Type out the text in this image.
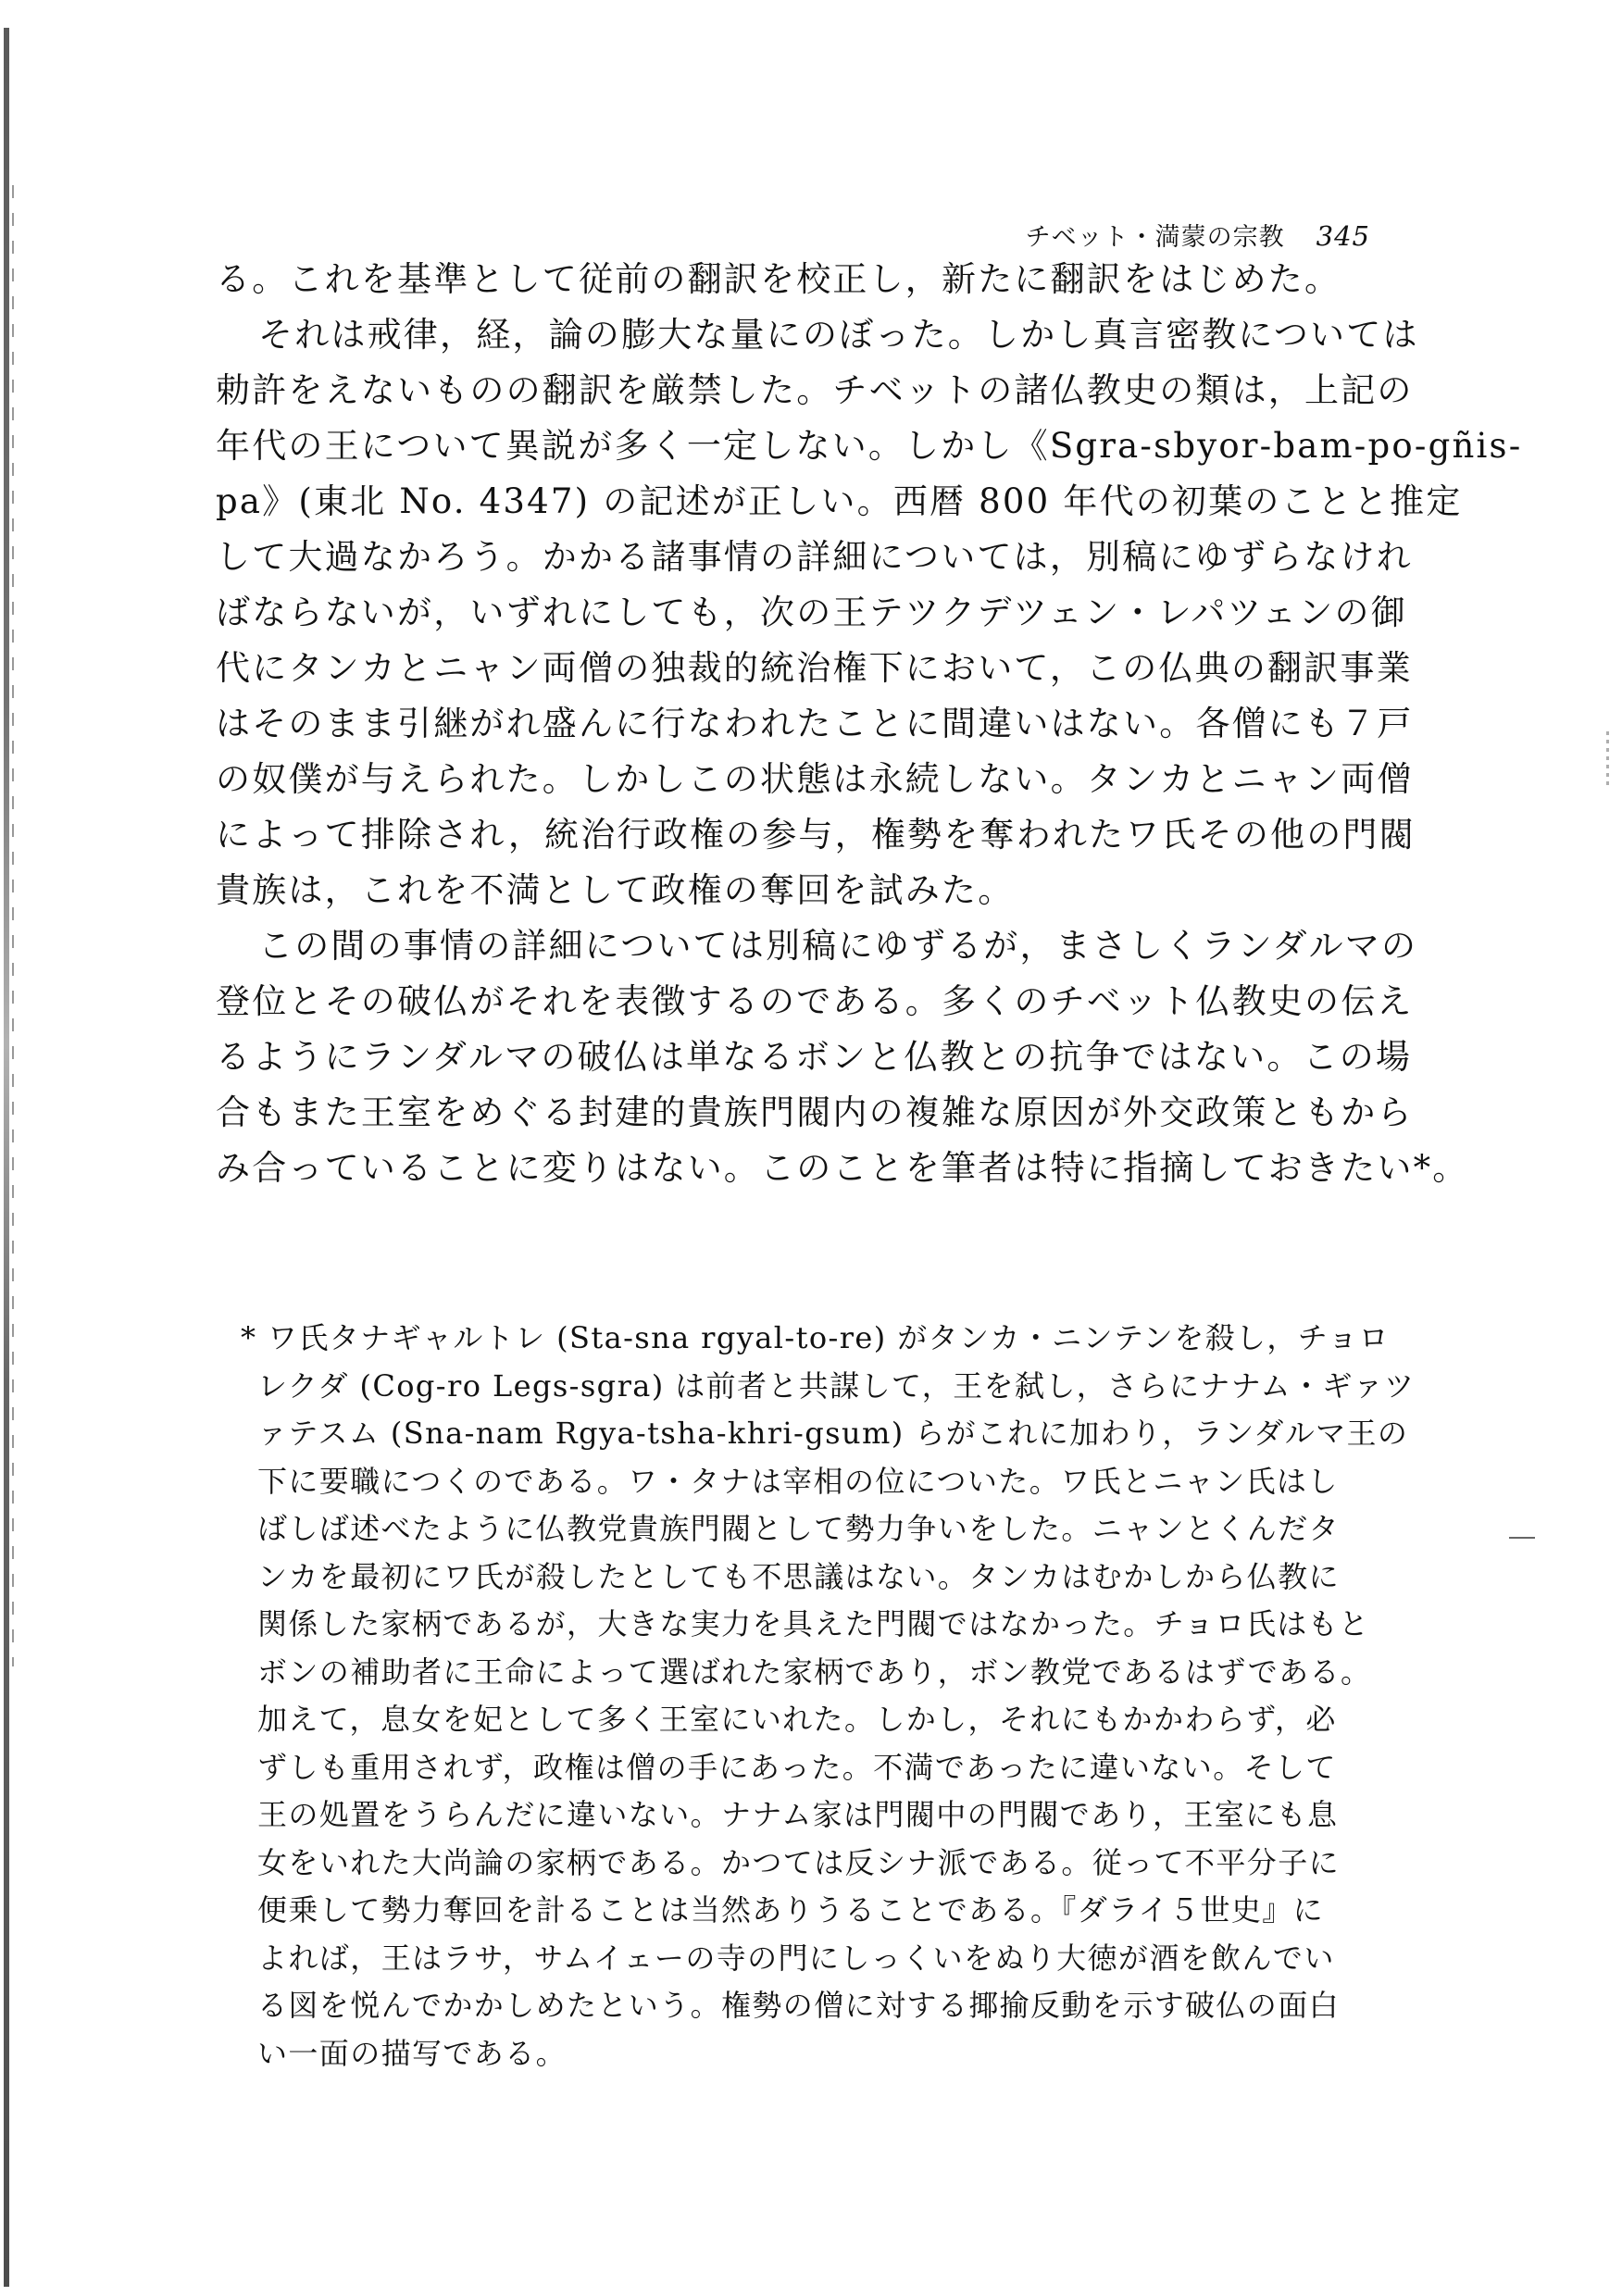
チベット・満蒙の宗教 345
る。これを基準として従前の翻訳を校正し，新たに翻訳をはじめた。
それは戒律，経，論の膨大な量にのぼった。しかし真言密教については
勅許をえないものの翻訳を厳禁した。チベットの諸仏教史の類は，上記の
年代の王について異説が多く一定しない。しかし《Sgra-sbyor-bam-po-gñis-
pa》(東北 No. 4347) の記述が正しい。西暦 800 年代の初葉のことと推定
して大過なかろう。かかる諸事情の詳細については，別稿にゆずらなけれ
ばならないが，いずれにしても，次の王テツクデツェン・レパツェンの御
代にタンカとニャン両僧の独裁的統治権下において，この仏典の翻訳事業
はそのまま引継がれ盛んに行なわれたことに間違いはない。各僧にも７戸
の奴僕が与えられた。しかしこの状態は永続しない。タンカとニャン両僧
によって排除され，統治行政権の参与，権勢を奪われたワ氏その他の門閥
貴族は，これを不満として政権の奪回を試みた。
この間の事情の詳細については別稿にゆずるが，まさしくランダルマの
登位とその破仏がそれを表徴するのである。多くのチベット仏教史の伝え
るようにランダルマの破仏は単なるボンと仏教との抗争ではない。この場
合もまた王室をめぐる封建的貴族門閥内の複雑な原因が外交政策ともから
み合っていることに変りはない。このことを筆者は特に指摘しておきたい*。
* ワ氏タナギャルトレ (Sta-sna rgyal-to-re) がタンカ・ニンテンを殺し，チョロ
レクダ (Cog-ro Legs-sgra) は前者と共謀して，王を弑し，さらにナナム・ギァツ
ァテスム (Sna-nam Rgya-tsha-khri-gsum) らがこれに加わり，ランダルマ王の
下に要職につくのである。ワ・タナは宰相の位についた。ワ氏とニャン氏はし
ばしば述べたように仏教党貴族門閥として勢力争いをした。ニャンとくんだタ
ンカを最初にワ氏が殺したとしても不思議はない。タンカはむかしから仏教に
関係した家柄であるが，大きな実力を具えた門閥ではなかった。チョロ氏はもと
ボンの補助者に王命によって選ばれた家柄であり，ボン教党であるはずである。
加えて，息女を妃として多く王室にいれた。しかし，それにもかかわらず，必
ずしも重用されず，政権は僧の手にあった。不満であったに違いない。そして
王の処置をうらんだに違いない。ナナム家は門閥中の門閥であり，王室にも息
女をいれた大尚論の家柄である。かつては反シナ派である。従って不平分子に
便乗して勢力奪回を計ることは当然ありうることである。『ダライ５世史』に
よれば，王はラサ，サムイェーの寺の門にしっくいをぬり大徳が酒を飲んでい
る図を悦んでかかしめたという。権勢の僧に対する揶揄反動を示す破仏の面白
い一面の描写である。
